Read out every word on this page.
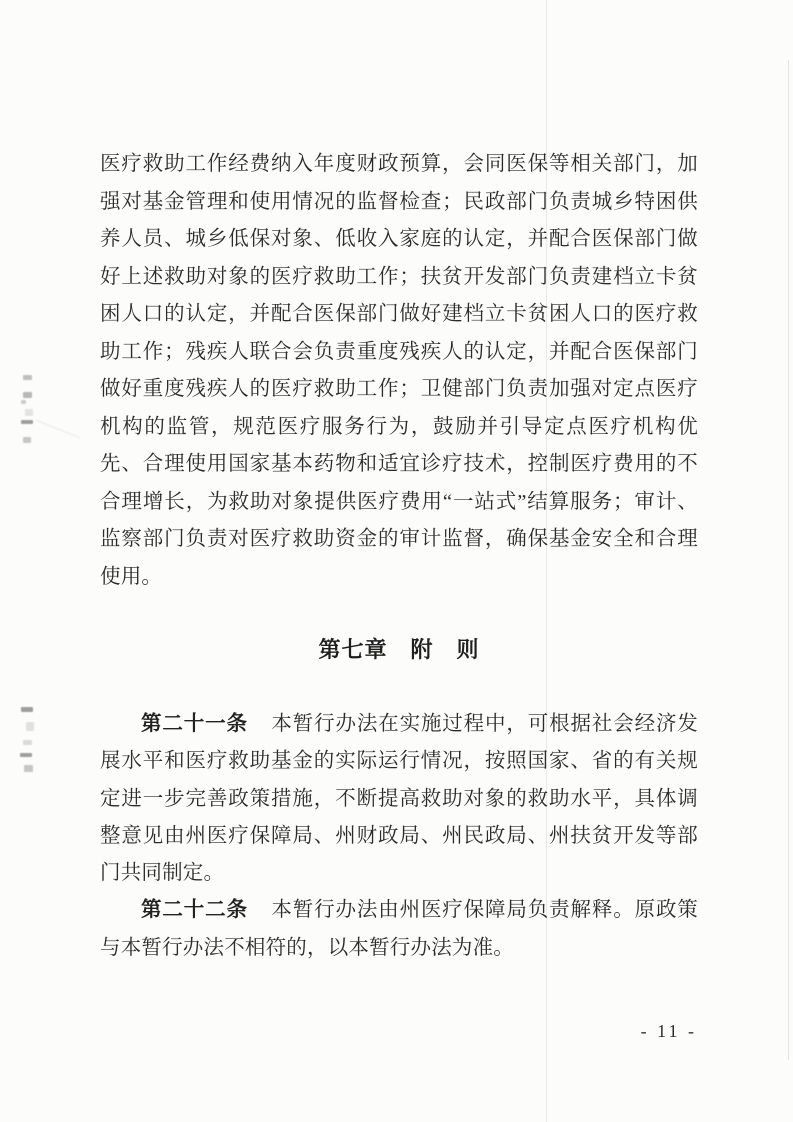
医疗救助工作经费纳入年度财政预算，会同医保等相关部门，加强对基金管理和使用情况的监督检查；民政部门负责城乡特困供养人员、城乡低保对象、低收入家庭的认定，并配合医保部门做好上述救助对象的医疗救助工作；扶贫开发部门负责建档立卡贫困人口的认定，并配合医保部门做好建档立卡贫困人口的医疗救助工作；残疾人联合会负责重度残疾人的认定，并配合医保部门做好重度残疾人的医疗救助工作；卫健部门负责加强对定点医疗机构的监管，规范医疗服务行为，鼓励并引导定点医疗机构优先、合理使用国家基本药物和适宜诊疗技术，控制医疗费用的不合理增长，为救助对象提供医疗费用“一站式”结算服务；审计、监察部门负责对医疗救助资金的审计监督，确保基金安全和合理使用。
第七章　附　则

第二十一条 本暂行办法在实施过程中，可根据社会经济发展水平和医疗救助基金的实际运行情况，按照国家、省的有关规定进一步完善政策措施，不断提高救助对象的救助水平，具体调整意见由州医疗保障局、州财政局、州民政局、州扶贫开发等部门共同制定。

第二十二条 本暂行办法由州医疗保障局负责解释。原政策与本暂行办法不相符的，以本暂行办法为准。

- 11 -
